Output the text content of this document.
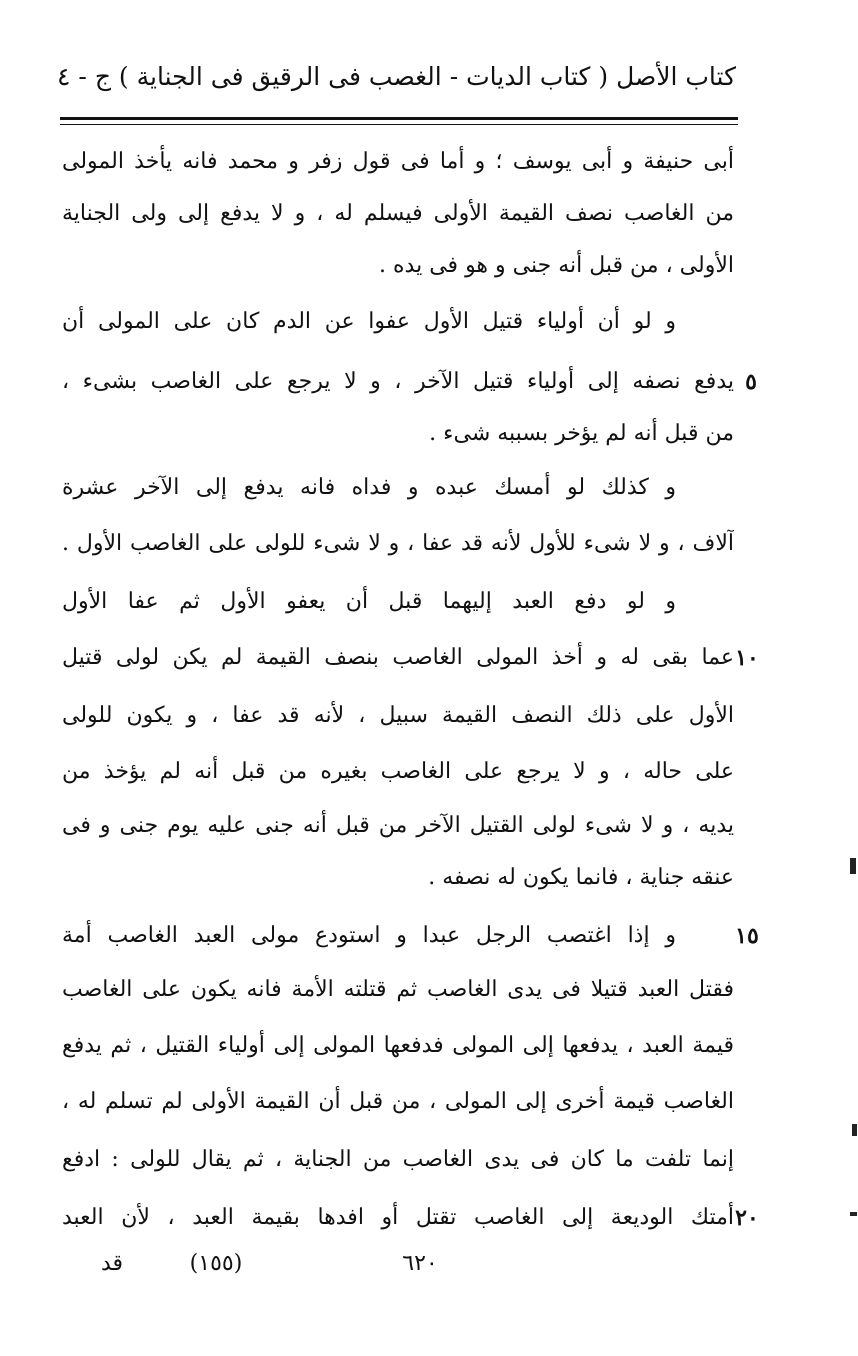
كتاب الأصل ( كتاب الديات - الغصب فى الرقيق فى الجناية ) ج - ٤
أبى حنيفة و أبى يوسف ؛ و أما فى قول زفر و محمد فانه يأخذ المولى
من الغاصب نصف القيمة الأولى فيسلم له ، و لا يدفع إلى ولى الجناية
الأولى ، من قبل أنه جنى و هو فى يده .
و لو أن أولياء قتيل الأول عفوا عن الدم كان على المولى أن
يدفع نصفه إلى أولياء قتيل الآخر ، و لا يرجع على الغاصب بشىء ،
من قبل أنه لم يؤخر بسببه شىء .
و كذلك لو أمسك عبده و فداه فانه يدفع إلى الآخر عشرة
آلاف ، و لا شىء للأول لأنه قد عفا ، و لا شىء للولى على الغاصب الأول .
و لو دفع العبد إليهما قبل أن يعفو الأول ثم عفا الأول
عما بقى له و أخذ المولى الغاصب بنصف القيمة لم يكن لولى قتيل
الأول على ذلك النصف القيمة سبيل ، لأنه قد عفا ، و يكون للولى
على حاله ، و لا يرجع على الغاصب بغيره من قبل أنه لم يؤخذ من
يديه ، و لا شىء لولى القتيل الآخر من قبل أنه جنى عليه يوم جنى و فى
عنقه جناية ، فانما يكون له نصفه .
و إذا اغتصب الرجل عبدا و استودع مولى العبد الغاصب أمة
فقتل العبد قتيلا فى يدى الغاصب ثم قتلته الأمة فانه يكون على الغاصب
قيمة العبد ، يدفعها إلى المولى فدفعها المولى إلى أولياء القتيل ، ثم يدفع
الغاصب قيمة أخرى إلى المولى ، من قبل أن القيمة الأولى لم تسلم له ،
إنما تلفت ما كان فى يدى الغاصب من الجناية ، ثم يقال للولى : ادفع
أمتك الوديعة إلى الغاصب تقتل أو افدها بقيمة العبد ، لأن العبد
٥
١٠
١٥
٢٠
قد	(١٥٥)	٦٢٠
